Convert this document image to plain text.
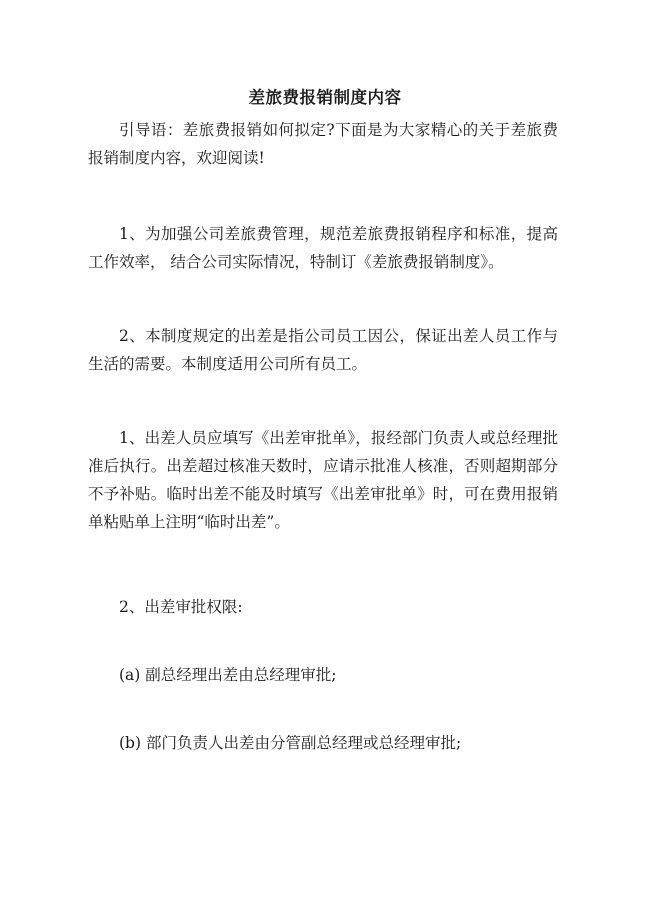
差旅费报销制度内容

引导语：差旅费报销如何拟定?下面是为大家精心的关于差旅费报销制度内容，欢迎阅读!

1、为加强公司差旅费管理，规范差旅费报销程序和标准，提高工作效率， 结合公司实际情况，特制订《差旅费报销制度》。

2、本制度规定的出差是指公司员工因公，保证出差人员工作与生活的需要。本制度适用公司所有员工。

1、出差人员应填写《出差审批单》，报经部门负责人或总经理批准后执行。出差超过核准天数时，应请示批准人核准，否则超期部分不予补贴。临时出差不能及时填写《出差审批单》时，可在费用报销单粘贴单上注明“临时出差”。

2、出差审批权限:

(a) 副总经理出差由总经理审批;

(b) 部门负责人出差由分管副总经理或总经理审批;
